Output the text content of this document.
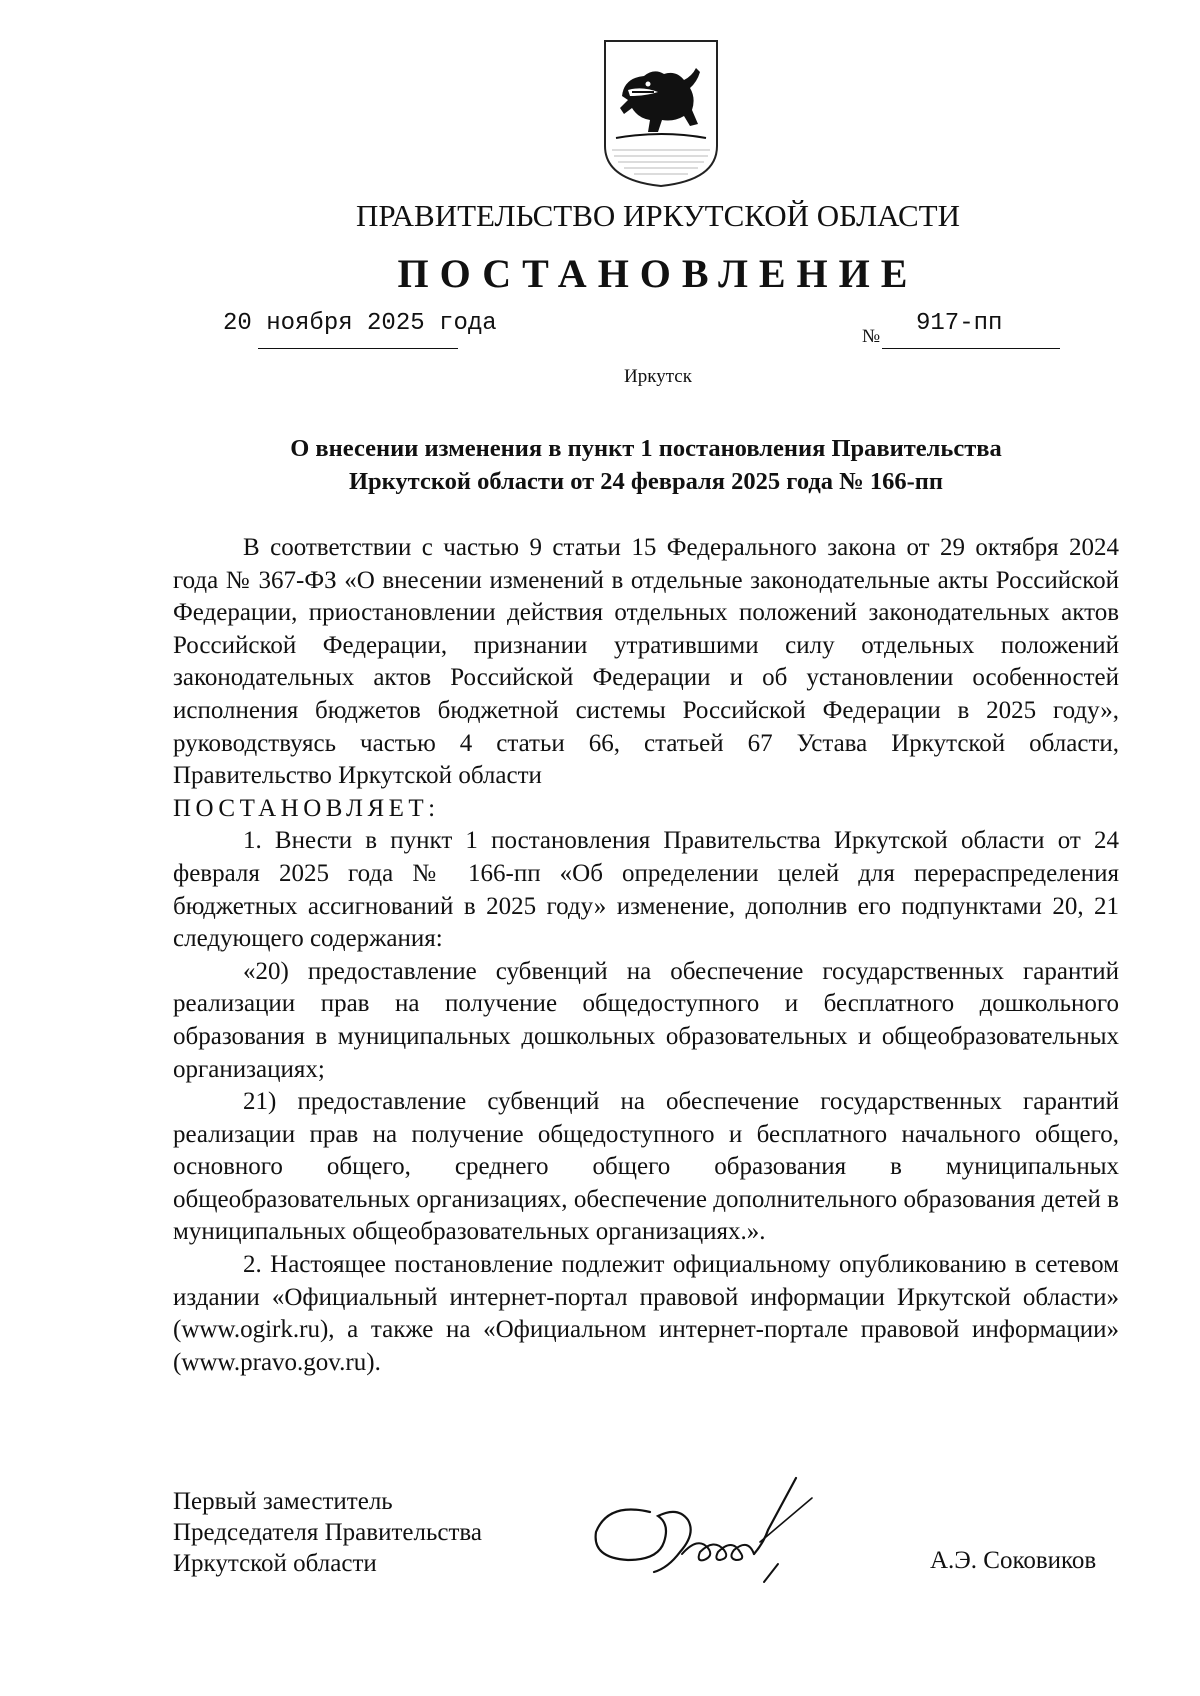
ПРАВИТЕЛЬСТВО ИРКУТСКОЙ ОБЛАСТИ
ПОСТАНОВЛЕНИЕ
20 ноября 2025 года	№ 917-пп
Иркутск
О внесении изменения в пункт 1 постановления Правительства
Иркутской области от 24 февраля 2025 года № 166-пп

В соответствии с частью 9 статьи 15 Федерального закона от 29 октября 2024 года № 367-ФЗ «О внесении изменений в отдельные законодательные акты Российской Федерации, приостановлении действия отдельных положений законодательных актов Российской Федерации, признании утратившими силу отдельных положений законодательных актов Российской Федерации и об установлении особенностей исполнения бюджетов бюджетной системы Российской Федерации в 2025 году», руководствуясь частью 4 статьи 66, статьей 67 Устава Иркутской области, Правительство Иркутской области

ПОСТАНОВЛЯЕТ:

1. Внести в пункт 1 постановления Правительства Иркутской области от 24 февраля 2025 года № 166-пп «Об определении целей для перераспределения бюджетных ассигнований в 2025 году» изменение, дополнив его подпунктами 20, 21 следующего содержания:

«20) предоставление субвенций на обеспечение государственных гарантий реализации прав на получение общедоступного и бесплатного дошкольного образования в муниципальных дошкольных образовательных и общеобразовательных организациях;

21) предоставление субвенций на обеспечение государственных гарантий реализации прав на получение общедоступного и бесплатного начального общего, основного общего, среднего общего образования в муниципальных общеобразовательных организациях, обеспечение дополнительного образования детей в муниципальных общеобразовательных организациях.».

2. Настоящее постановление подлежит официальному опубликованию в сетевом издании «Официальный интернет-портал правовой информации Иркутской области» (www.ogirk.ru), а также на «Официальном интернет-портале правовой информации» (www.pravo.gov.ru).

Первый заместитель
Председателя Правительства
Иркутской области	А.Э. Соковиков
